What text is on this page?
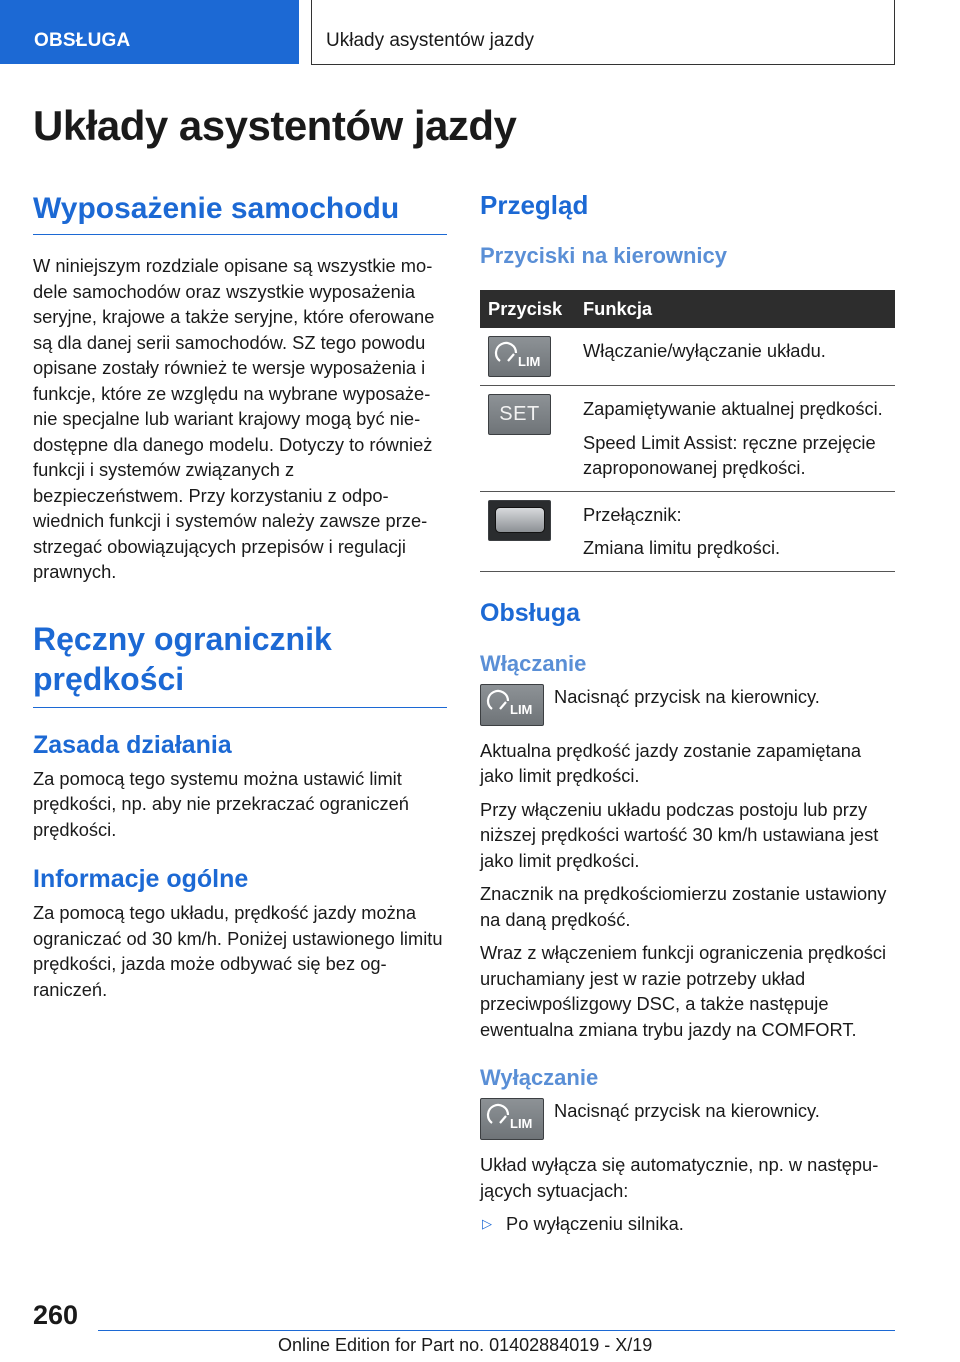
OBSŁUGA	Układy asystentów jazdy
Układy asystentów jazdy
Wyposażenie samochodu

W niniejszym rozdziale opisane są wszystkie modele samochodów oraz wszystkie wyposażenia seryjne, krajowe a także seryjne, które oferowane są dla danej serii samochodów. SZ tego powodu opisane zostały również te wersje wyposażenia i funkcje, które ze względu na wybrane wyposażenie specjalne lub wariant krajowy mogą być niedostępne dla danego modelu. Dotyczy to również funkcji i systemów związanych z bezpieczeństwem. Przy korzystaniu z odpowiednich funkcji i systemów należy zawsze przestrzegać obowiązujących przepisów i regulacji prawnych.

Ręczny ogranicznik prędkości
Zasada działania

Za pomocą tego systemu można ustawić limit prędkości, np. aby nie przekraczać ograniczeń prędkości.

Informacje ogólne

Za pomocą tego układu, prędkość jazdy można ograniczać od 30 km/h. Poniżej ustawionego limitu prędkości, jazda może odbywać się bez ograniczeń.

Przegląd
Przyciski na kierownicy
Przycisk	Funkcja

LIM	Włączanie/wyłączanie układu.

SET	Zapamiętywanie aktualnej prędkości.
Speed Limit Assist: ręczne przejęcie zaproponowanej prędkości.

	Przełącznik:
Zmiana limitu prędkości.
Obsługa
Włączanie
LIM

Nacisnąć przycisk na kierownicy.

Aktualna prędkość jazdy zostanie zapamiętana jako limit prędkości.

Przy włączeniu układu podczas postoju lub przy niższej prędkości wartość 30 km/h ustawiana jest jako limit prędkości.

Znacznik na prędkościomierzu zostanie ustawiony na daną prędkość.

Wraz z włączeniem funkcji ograniczenia prędkości uruchamiany jest w razie potrzeby układ przeciwpoślizgowy DSC, a także następuje ewentualna zmiana trybu jazdy na COMFORT.

Wyłączanie
LIM

Nacisnąć przycisk na kierownicy.

Układ wyłącza się automatycznie, np. w następujących sytuacjach:

▷ Po wyłączeniu silnika.
260
Online Edition for Part no. 01402884019 - X/19
